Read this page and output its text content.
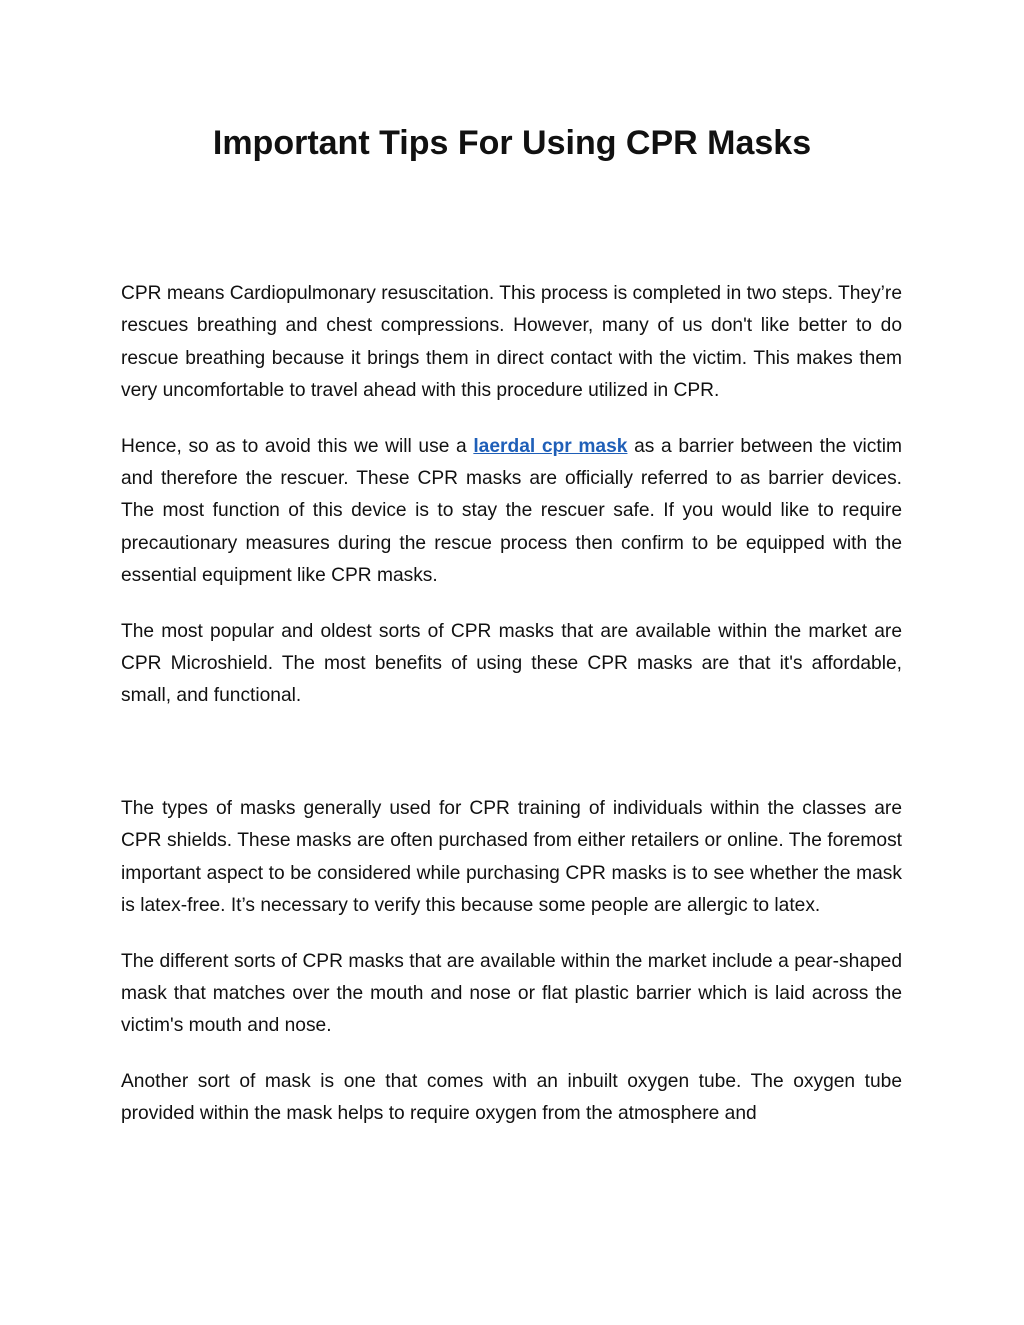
Important Tips For Using CPR Masks

CPR means Cardiopulmonary resuscitation. This process is completed in two steps. They’re rescues breathing and chest compressions. However, many of us don't like better to do rescue breathing because it brings them in direct contact with the victim. This makes them very uncomfortable to travel ahead with this procedure utilized in CPR.

Hence, so as to avoid this we will use a laerdal cpr mask as a barrier between the victim and therefore the rescuer. These CPR masks are officially referred to as barrier devices. The most function of this device is to stay the rescuer safe. If you would like to require precautionary measures during the rescue process then confirm to be equipped with the essential equipment like CPR masks.

The most popular and oldest sorts of CPR masks that are available within the market are CPR Microshield. The most benefits of using these CPR masks are that it's affordable, small, and functional.

The types of masks generally used for CPR training of individuals within the classes are CPR shields. These masks are often purchased from either retailers or online. The foremost important aspect to be considered while purchasing CPR masks is to see whether the mask is latex-free. It’s necessary to verify this because some people are allergic to latex.

The different sorts of CPR masks that are available within the market include a pear-shaped mask that matches over the mouth and nose or flat plastic barrier which is laid across the victim's mouth and nose.

Another sort of mask is one that comes with an inbuilt oxygen tube. The oxygen tube provided within the mask helps to require oxygen from the atmosphere and
